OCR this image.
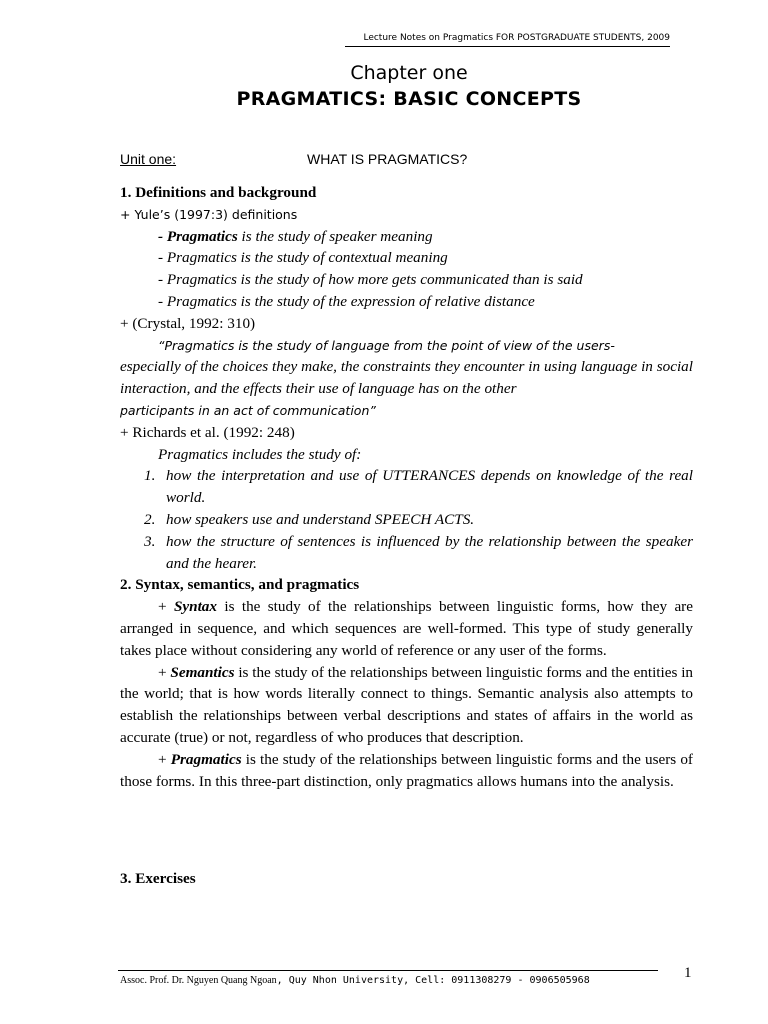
Lecture Notes on Pragmatics FOR POSTGRADUATE STUDENTS, 2009
Chapter one
PRAGMATICS: BASIC CONCEPTS
Unit one:	WHAT IS PRAGMATICS?

1. Definitions and background

+ Yule’s (1997:3) definitions

- Pragmatics is the study of speaker meaning

- Pragmatics is the study of contextual meaning

- Pragmatics is the study of how more gets communicated than is said

- Pragmatics is the study of the expression of relative distance

+ (Crystal, 1992: 310)

“Pragmatics is the study of language from the point of view of the users-

especially of the choices they make, the constraints they encounter in using language in social interaction, and the effects their use of language has on the other

participants in an act of communication”

+ Richards et al. (1992: 248)

Pragmatics includes the study of:

1. how the interpretation and use of UTTERANCES depends on knowledge of the real world.
2. how speakers use and understand SPEECH ACTS.
3. how the structure of sentences is influenced by the relationship between the speaker and the hearer.

2. Syntax, semantics, and pragmatics

+ Syntax is the study of the relationships between linguistic forms, how they are arranged in sequence, and which sequences are well-formed. This type of study generally takes place without considering any world of reference or any user of the forms.

+ Semantics is the study of the relationships between linguistic forms and the entities in the world; that is how words literally connect to things. Semantic analysis also attempts to establish the relationships between verbal descriptions and states of affairs in the world as accurate (true) or not, regardless of who produces that description.

+ Pragmatics is the study of the relationships between linguistic forms and the users of those forms. In this three-part distinction, only pragmatics allows humans into the analysis.

3. Exercises

Assoc. Prof. Dr. Nguyen Quang Ngoan, Quy Nhon University, Cell: 0911308279 - 0906505968	1
